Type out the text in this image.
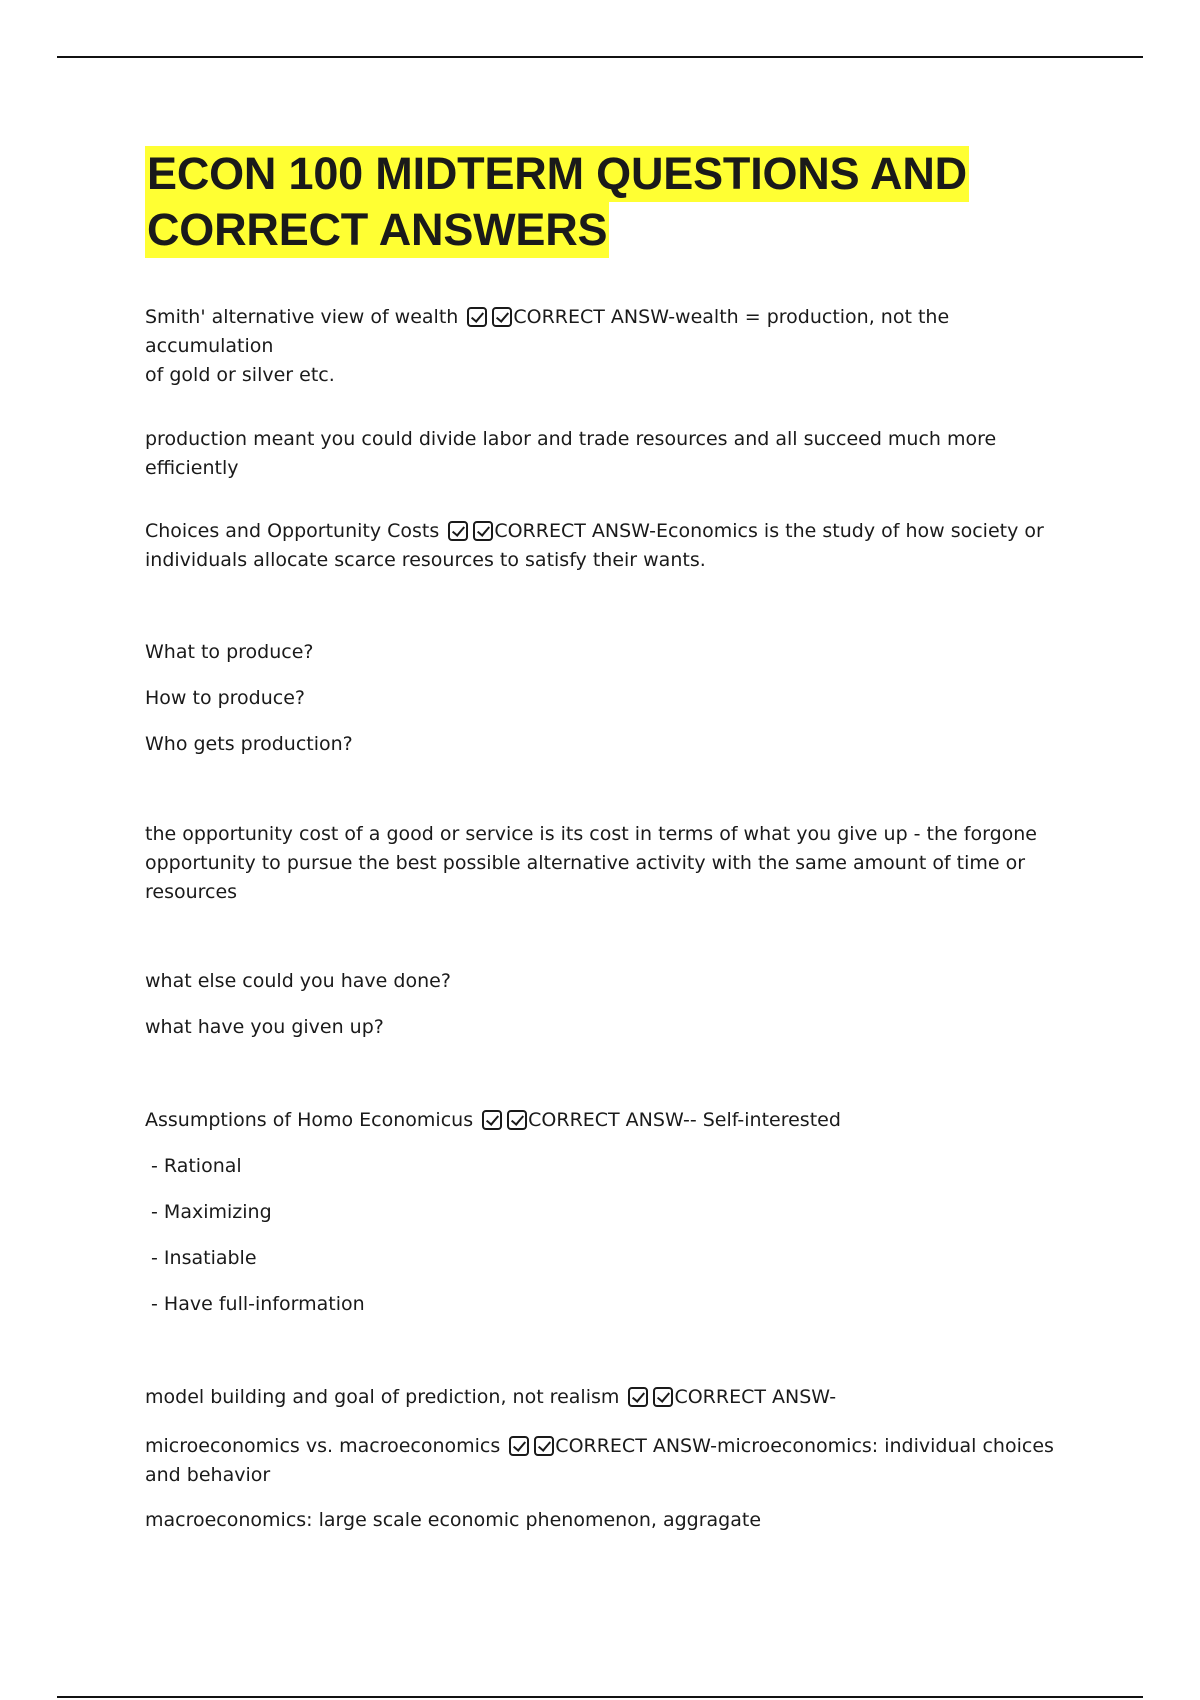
ECON 100 MIDTERM QUESTIONS AND
CORRECT ANSWERS
Smith' alternative view of wealth	CORRECT ANSW-wealth = production, not the accumulation
of gold or silver etc.
production meant you could divide labor and trade resources and all succeed much more efficiently
Choices and Opportunity Costs	CORRECT ANSW-Economics is the study of how society or
individuals allocate scarce resources to satisfy their wants.
What to produce?
How to produce?
Who gets production?
the opportunity cost of a good or service is its cost in terms of what you give up - the forgone
opportunity to pursue the best possible alternative activity with the same amount of time or
resources
what else could you have done?
what have you given up?
Assumptions of Homo Economicus	CORRECT ANSW-- Self-interested
- Rational
- Maximizing
- Insatiable
- Have full-information
model building and goal of prediction, not realism	CORRECT ANSW-
microeconomics vs. macroeconomics	CORRECT ANSW-microeconomics: individual choices
and behavior
macroeconomics: large scale economic phenomenon, aggragate
